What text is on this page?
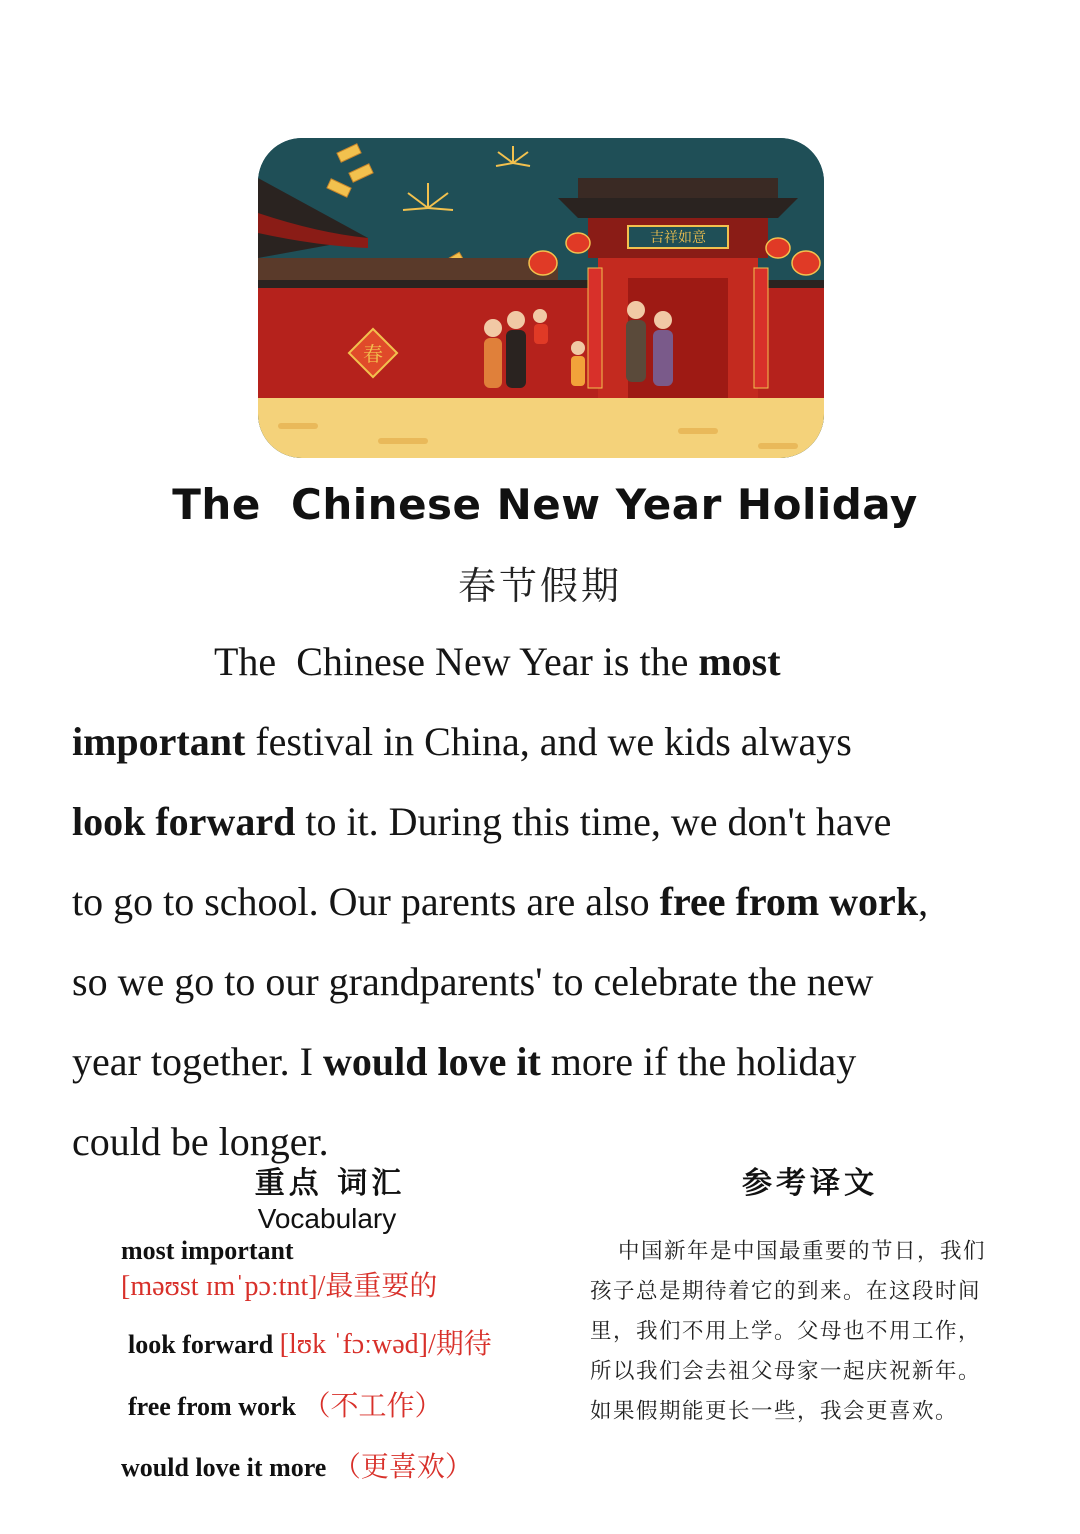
春
吉祥如意
The  Chinese New Year Holiday
春节假期
The  Chinese New Year is the most
important festival in China, and we kids always
look forward to it. During this time, we don't have
to go to school. Our parents are also free from work,
so we go to our grandparents' to celebrate the new
year together. I would love it more if the holiday
could be longer.
重点 词汇
Vocabulary
参考译文
most important
[məʊst ɪmˈpɔːtnt]/最重要的
look forward [lʊk ˈfɔːwəd]/期待
free from work （不工作）
would love it more （更喜欢）
中国新年是中国最重要的节日，我们
孩子总是期待着它的到来。在这段时间
里，我们不用上学。父母也不用工作，
所以我们会去祖父母家一起庆祝新年。
如果假期能更长一些，我会更喜欢。
